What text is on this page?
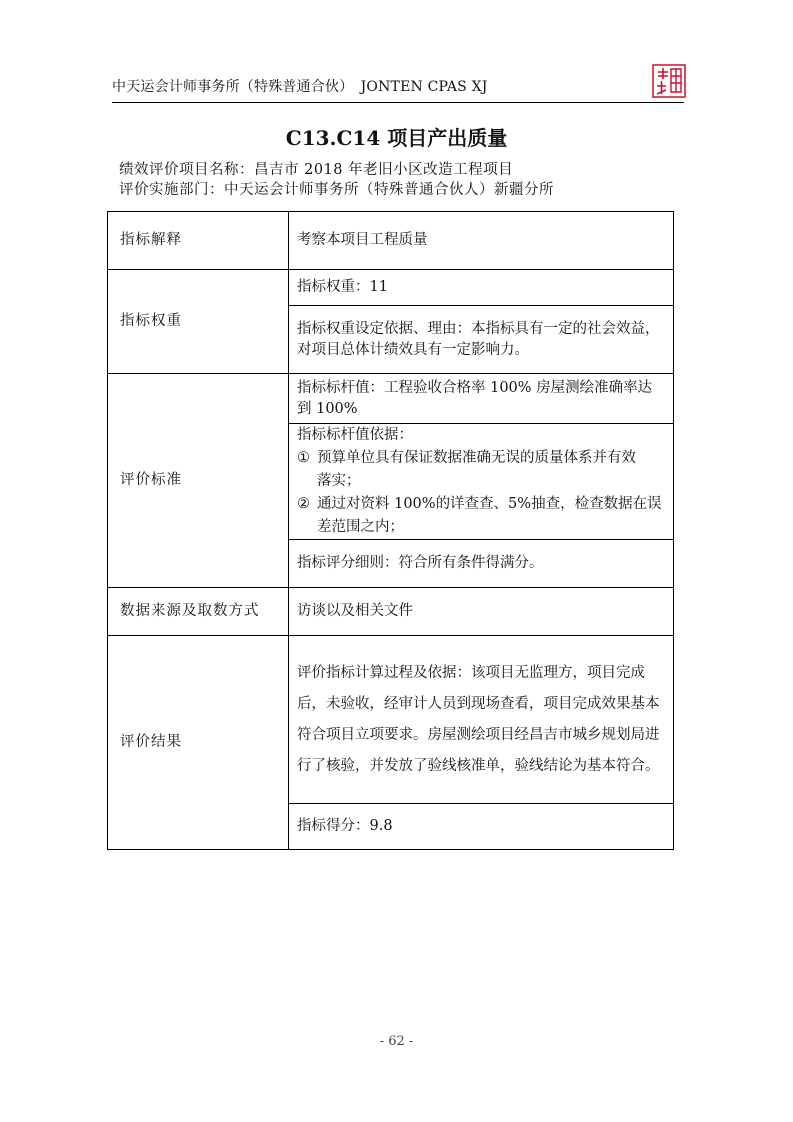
中天运会计师事务所（特殊普通合伙）　JONTEN CPAS XJ
C13.C14 项目产出质量
绩效评价项目名称：昌吉市 2018 年老旧小区改造工程项目
评价实施部门：中天运会计师事务所（特殊普通合伙人）新疆分所
指标解释	考察本项目工程质量
指标权重	指标权重：11
	指标权重设定依据、理由：本指标具有一定的社会效益，对项目总体计绩效具有一定影响力。
评价标准	指标标杆值：工程验收合格率 100% 房屋测绘准确率达到 100%

	指标标杆值依据：
① 预算单位具有保证数据准确无误的质量体系并有效
落实；
② 通过对资料 100%的详查查、5%抽查，检查数据在误
差范围之内；

	指标评分细则：符合所有条件得满分。
数据来源及取数方式	访谈以及相关文件
评价结果	评价指标计算过程及依据：该项目无监理方，项目完成后，未验收，经审计人员到现场查看，项目完成效果基本符合项目立项要求。房屋测绘项目经昌吉市城乡规划局进行了核验，并发放了验线核准单，验线结论为基本符合。
	指标得分：9.8
- 62 -
